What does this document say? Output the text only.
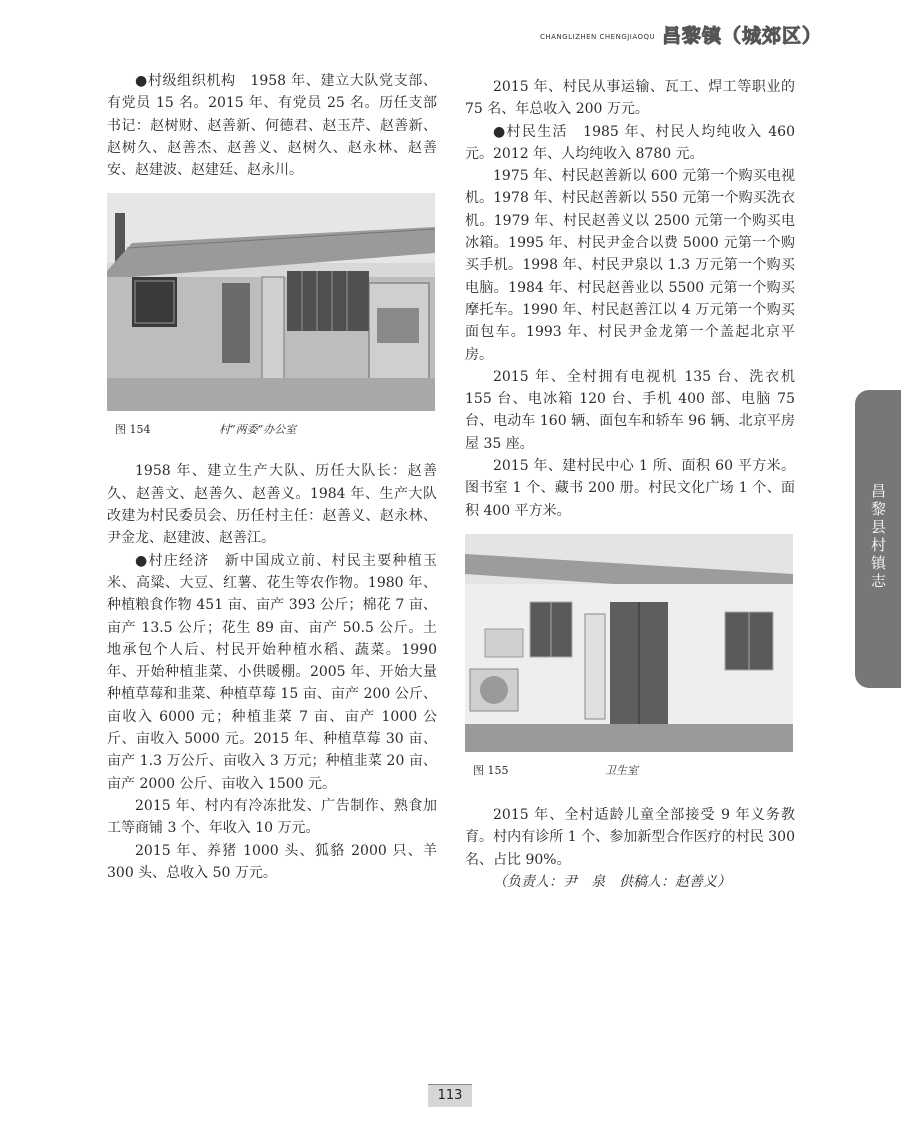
CHANGLIZHEN CHENGJIAOQU 昌黎镇（城郊区）

●村级组织机构　1958 年、建立大队党支部、有党员 15 名。2015 年、有党员 25 名。历任支部书记：赵树财、赵善新、何德君、赵玉芹、赵善新、赵树久、赵善杰、赵善义、赵树久、赵永林、赵善安、赵建波、赵建廷、赵永川。

图 154	村“两委”办公室

1958 年、建立生产大队、历任大队长：赵善久、赵善文、赵善久、赵善义。1984 年、生产大队改建为村民委员会、历任村主任：赵善义、赵永林、尹金龙、赵建波、赵善江。

●村庄经济　新中国成立前、村民主要种植玉米、高粱、大豆、红薯、花生等农作物。1980 年、种植粮食作物 451 亩、亩产 393 公斤；棉花 7 亩、亩产 13.5 公斤；花生 89 亩、亩产 50.5 公斤。土地承包个人后、村民开始种植水稻、蔬菜。1990 年、开始种植韭菜、小供暖棚。2005 年、开始大量种植草莓和韭菜、种植草莓 15 亩、亩产 200 公斤、亩收入 6000 元；种植韭菜 7 亩、亩产 1000 公斤、亩收入 5000 元。2015 年、种植草莓 30 亩、亩产 1.3 万公斤、亩收入 3 万元；种植韭菜 20 亩、亩产 2000 公斤、亩收入 1500 元。

2015 年、村内有冷冻批发、广告制作、熟食加工等商铺 3 个、年收入 10 万元。

2015 年、养猪 1000 头、狐貉 2000 只、羊 300 头、总收入 50 万元。

2015 年、村民从事运输、瓦工、焊工等职业的 75 名、年总收入 200 万元。

●村民生活　1985 年、村民人均纯收入 460 元。2012 年、人均纯收入 8780 元。

1975 年、村民赵善新以 600 元第一个购买电视机。1978 年、村民赵善新以 550 元第一个购买洗衣机。1979 年、村民赵善义以 2500 元第一个购买电冰箱。1995 年、村民尹金合以费 5000 元第一个购买手机。1998 年、村民尹泉以 1.3 万元第一个购买电脑。1984 年、村民赵善业以 5500 元第一个购买摩托车。1990 年、村民赵善江以 4 万元第一个购买面包车。1993 年、村民尹金龙第一个盖起北京平房。

2015 年、全村拥有电视机 135 台、洗衣机 155 台、电冰箱 120 台、手机 400 部、电脑 75 台、电动车 160 辆、面包车和轿车 96 辆、北京平房屋 35 座。

2015 年、建村民中心 1 所、面积 60 平方米。图书室 1 个、藏书 200 册。村民文化广场 1 个、面积 400 平方米。

图 155	卫生室

2015 年、全村适龄儿童全部接受 9 年义务教育。村内有诊所 1 个、参加新型合作医疗的村民 300 名、占比 90%。

（负责人：尹　泉　供稿人：赵善义）

昌黎县村镇志
113
